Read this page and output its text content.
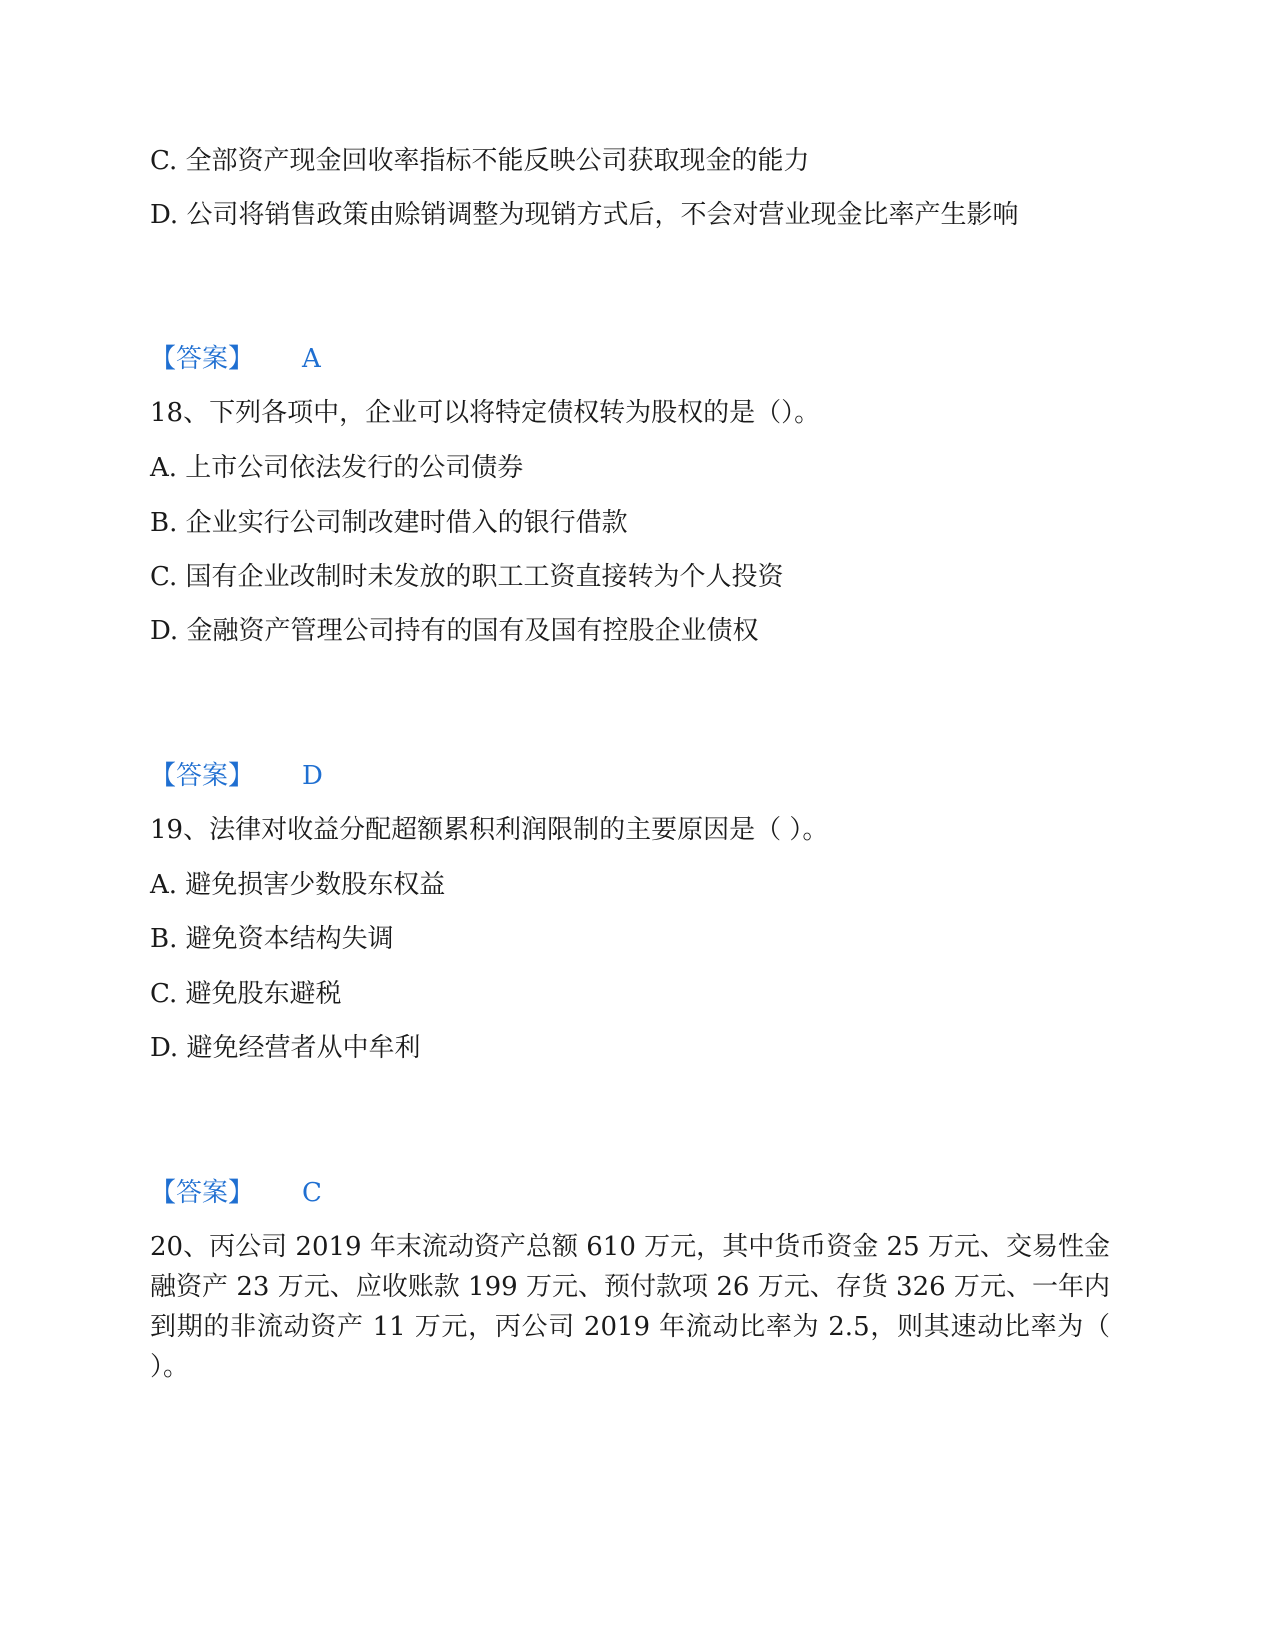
C. 全部资产现金回收率指标不能反映公司获取现金的能力
D. 公司将销售政策由赊销调整为现销方式后，不会对营业现金比率产生影响
【答案】 A
18、下列各项中，企业可以将特定债权转为股权的是（）。
A. 上市公司依法发行的公司债券
B. 企业实行公司制改建时借入的银行借款
C. 国有企业改制时未发放的职工工资直接转为个人投资
D. 金融资产管理公司持有的国有及国有控股企业债权
【答案】 D
19、法律对收益分配超额累积利润限制的主要原因是（ ）。
A. 避免损害少数股东权益
B. 避免资本结构失调
C. 避免股东避税
D. 避免经营者从中牟利
【答案】 C
20、丙公司 2019 年末流动资产总额 610 万元，其中货币资金 25 万元、交易性金融资产 23 万元、应收账款 199 万元、预付款项 26 万元、存货 326 万元、一年内到期的非流动资产 11 万元，丙公司 2019 年流动比率为 2.5，则其速动比率为（ ）。
